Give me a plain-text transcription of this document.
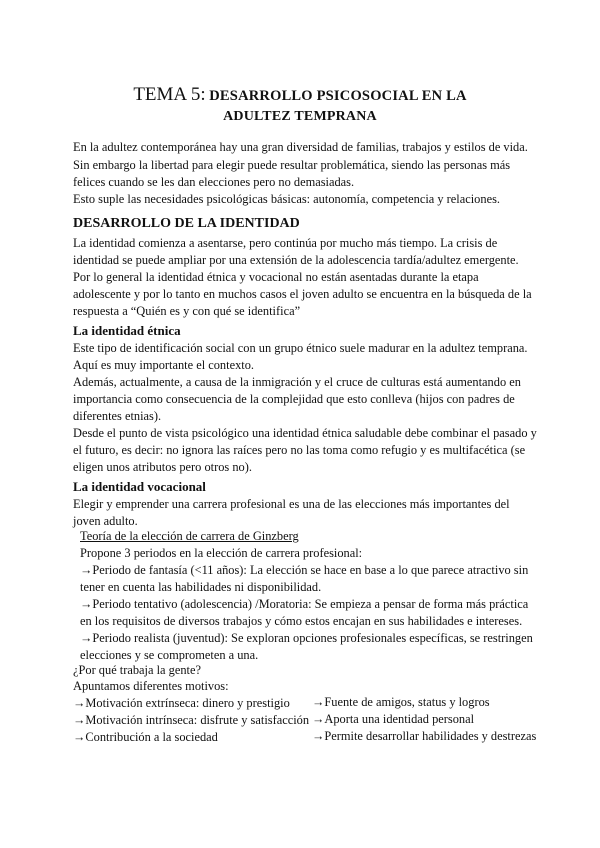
TEMA 5: DESARROLLO PSICOSOCIAL EN LA
ADULTEZ TEMPRANA
En la adultez contemporánea hay una gran diversidad de familias, trabajos y estilos de vida.
Sin embargo la libertad para elegir puede resultar problemática, siendo las personas más
felices cuando se les dan elecciones pero no demasiadas.
Esto suple las necesidades psicológicas básicas: autonomía, competencia y relaciones.
DESARROLLO DE LA IDENTIDAD
La identidad comienza a asentarse, pero continúa por mucho más tiempo. La crisis de
identidad se puede ampliar por una extensión de la adolescencia tardía/adultez emergente.
Por lo general la identidad étnica y vocacional no están asentadas durante la etapa
adolescente y por lo tanto en muchos casos el joven adulto se encuentra en la búsqueda de la
respuesta a “Quién es y con qué se identifica”
La identidad étnica
Este tipo de identificación social con un grupo étnico suele madurar en la adultez temprana.
Aquí es muy importante el contexto.
Además, actualmente, a causa de la inmigración y el cruce de culturas está aumentando en
importancia como consecuencia de la complejidad que esto conlleva (hijos con padres de
diferentes etnias).
Desde el punto de vista psicológico una identidad étnica saludable debe combinar el pasado y
el futuro, es decir: no ignora las raíces pero no las toma como refugio y es multifacética (se
eligen unos atributos pero otros no).
La identidad vocacional
Elegir y emprender una carrera profesional es una de las elecciones más importantes del
joven adulto.
Teoría de la elección de carrera de Ginzberg
Propone 3 periodos en la elección de carrera profesional:
→Periodo de fantasía (<11 años): La elección se hace en base a lo que parece atractivo sin
tener en cuenta las habilidades ni disponibilidad.
→Periodo tentativo (adolescencia) /Moratoria: Se empieza a pensar de forma más práctica
en los requisitos de diversos trabajos y cómo estos encajan en sus habilidades e intereses.
→Periodo realista (juventud): Se exploran opciones profesionales específicas, se restringen
elecciones y se comprometen a una.
¿Por qué trabaja la gente?
Apuntamos diferentes motivos:
→Motivación extrínseca: dinero y prestigio
→Motivación intrínseca: disfrute y satisfacción
→Contribución a la sociedad
→Fuente de amigos, status y logros
→Aporta una identidad personal
→Permite desarrollar habilidades y destrezas
